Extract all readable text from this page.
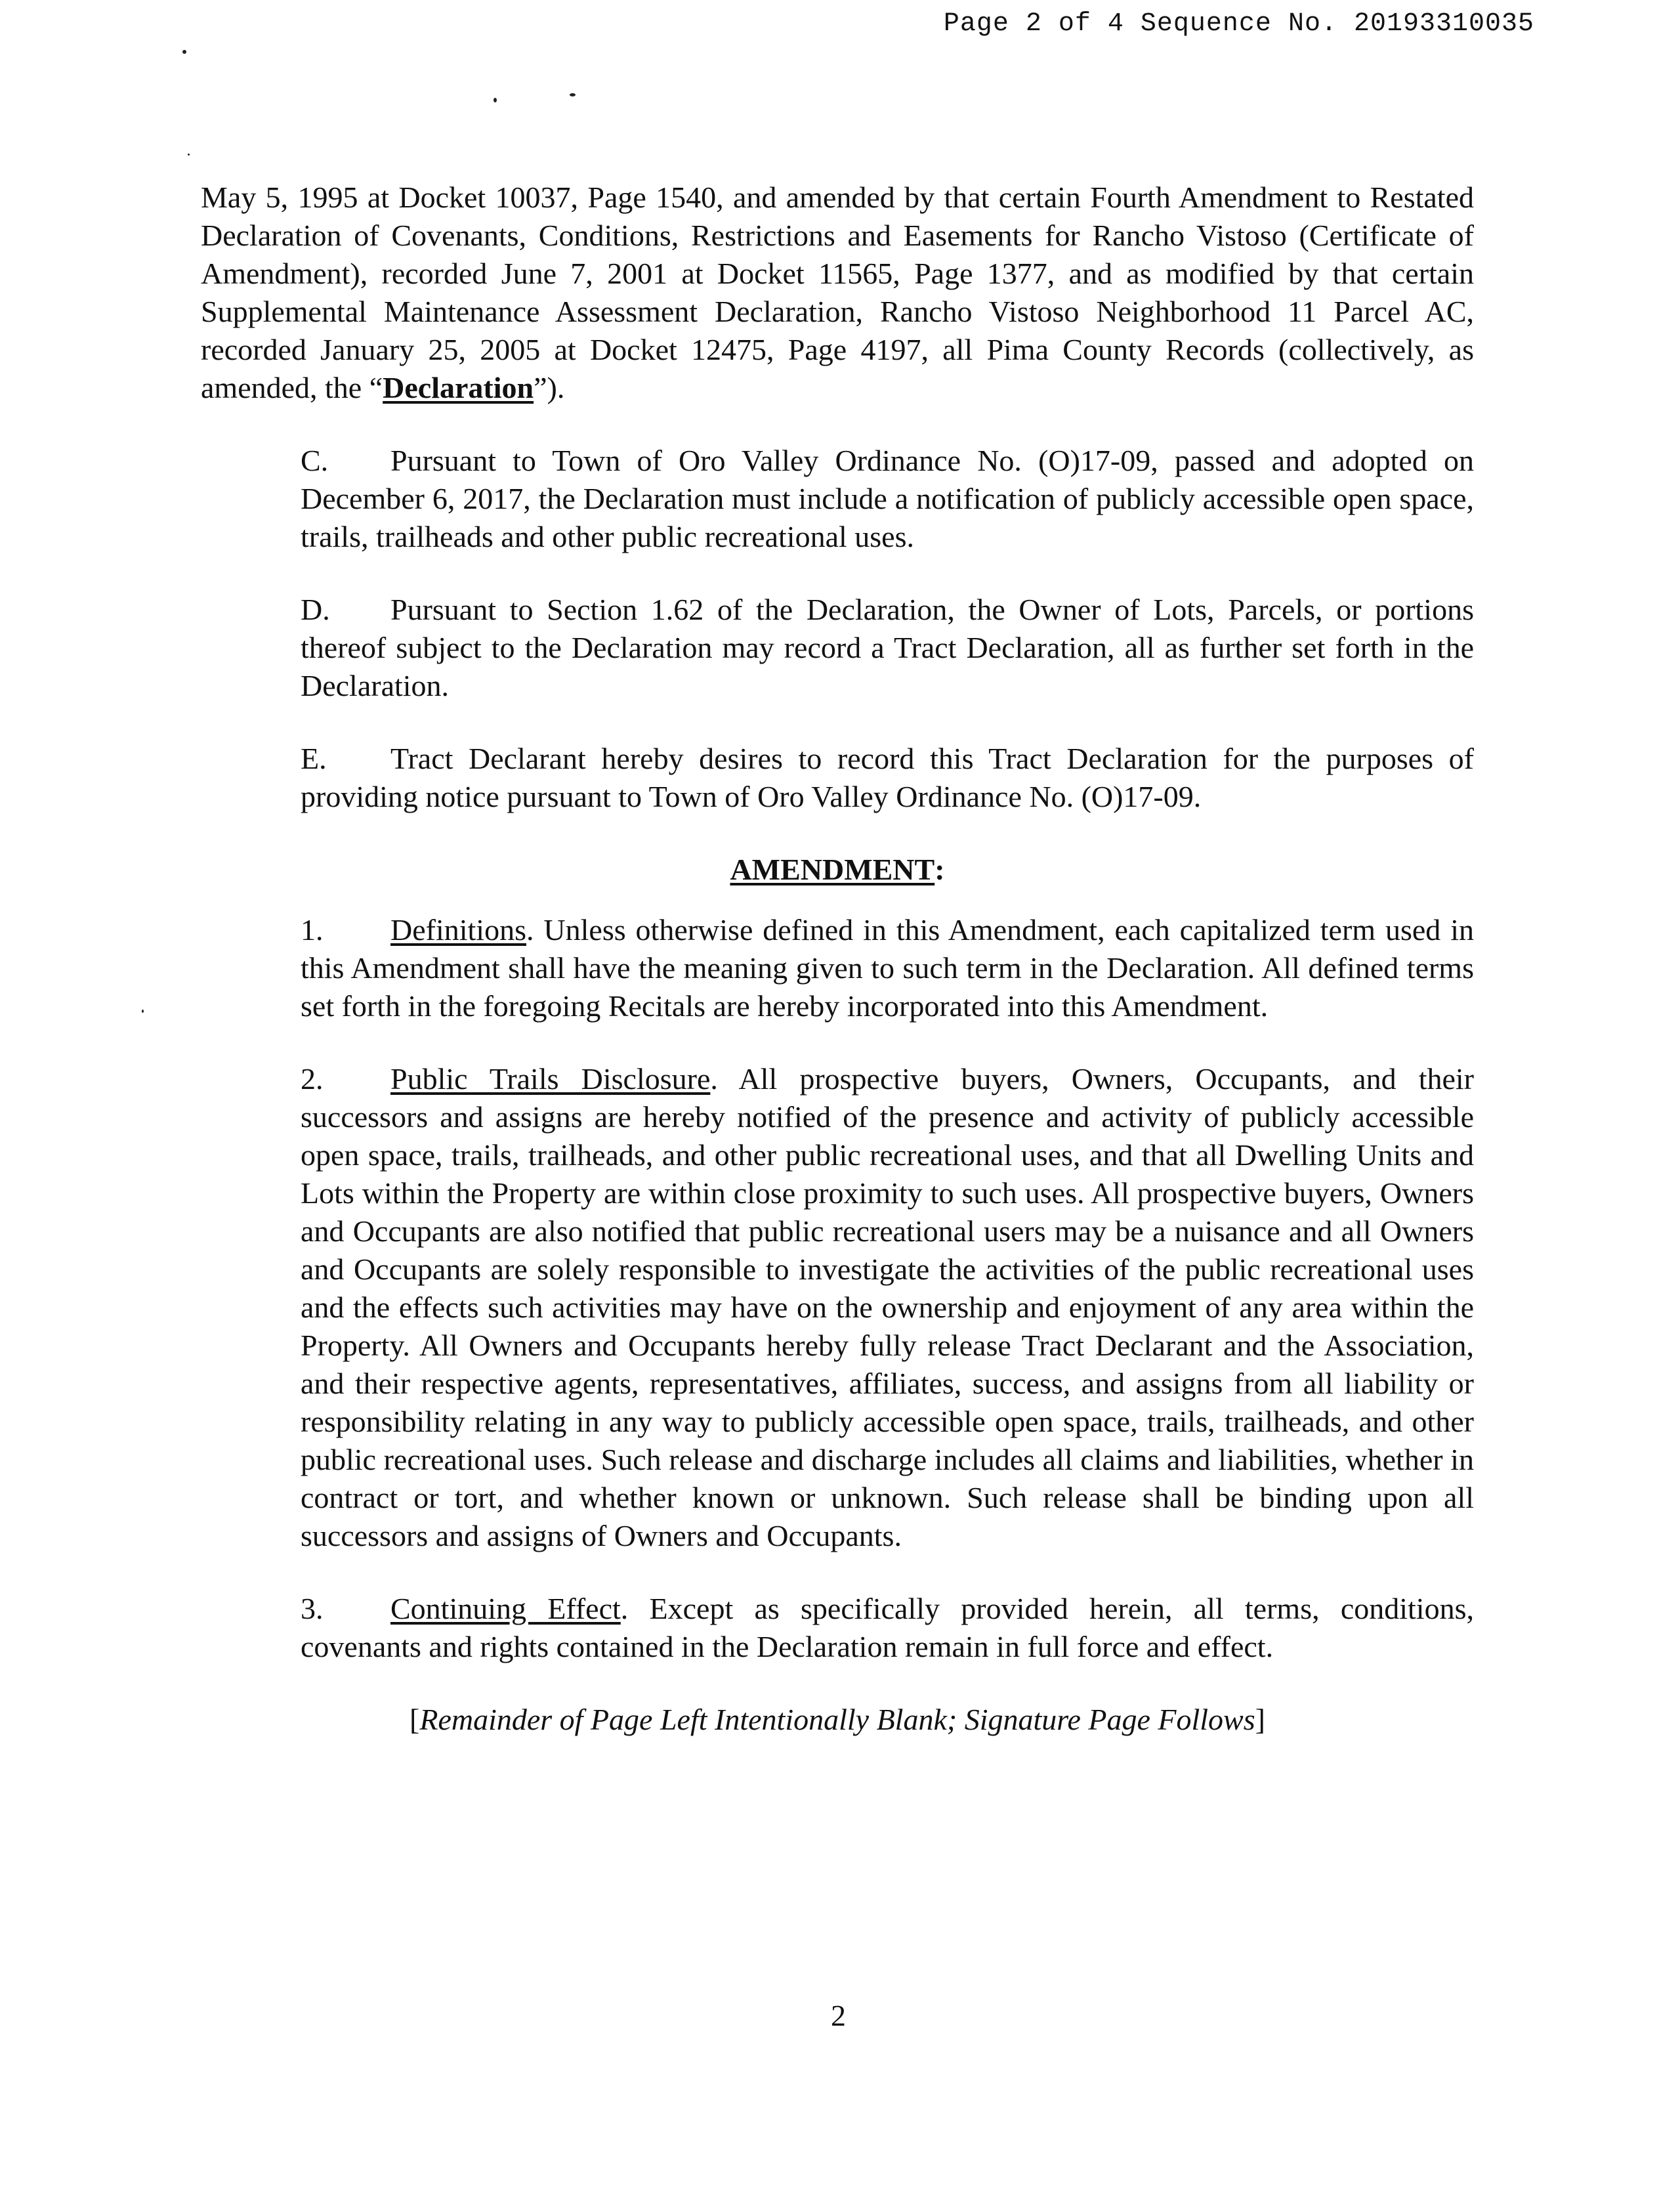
Page 2 of 4 Sequence No. 20193310035

May 5, 1995 at Docket 10037, Page 1540, and amended by that certain Fourth Amendment to Restated Declaration of Covenants, Conditions, Restrictions and Easements for Rancho Vistoso (Certificate of Amendment), recorded June 7, 2001 at Docket 11565, Page 1377, and as modified by that certain Supplemental Maintenance Assessment Declaration, Rancho Vistoso Neighborhood 11 Parcel AC, recorded January 25, 2005 at Docket 12475, Page 4197, all Pima County Records (collectively, as amended, the “Declaration”).

C. Pursuant to Town of Oro Valley Ordinance No. (O)17-09, passed and adopted on December 6, 2017, the Declaration must include a notification of publicly accessible open space, trails, trailheads and other public recreational uses.

D. Pursuant to Section 1.62 of the Declaration, the Owner of Lots, Parcels, or portions thereof subject to the Declaration may record a Tract Declaration, all as further set forth in the Declaration.

E. Tract Declarant hereby desires to record this Tract Declaration for the purposes of providing notice pursuant to Town of Oro Valley Ordinance No. (O)17-09.

AMENDMENT:

1. Definitions. Unless otherwise defined in this Amendment, each capitalized term used in this Amendment shall have the meaning given to such term in the Declaration. All defined terms set forth in the foregoing Recitals are hereby incorporated into this Amendment.

2. Public Trails Disclosure. All prospective buyers, Owners, Occupants, and their successors and assigns are hereby notified of the presence and activity of publicly accessible open space, trails, trailheads, and other public recreational uses, and that all Dwelling Units and Lots within the Property are within close proximity to such uses. All prospective buyers, Owners and Occupants are also notified that public recreational users may be a nuisance and all Owners and Occupants are solely responsible to investigate the activities of the public recreational uses and the effects such activities may have on the ownership and enjoyment of any area within the Property. All Owners and Occupants hereby fully release Tract Declarant and the Association, and their respective agents, representatives, affiliates, success, and assigns from all liability or responsibility relating in any way to publicly accessible open space, trails, trailheads, and other public recreational uses. Such release and discharge includes all claims and liabilities, whether in contract or tort, and whether known or unknown. Such release shall be binding upon all successors and assigns of Owners and Occupants.

3. Continuing Effect. Except as specifically provided herein, all terms, conditions, covenants and rights contained in the Declaration remain in full force and effect.

[Remainder of Page Left Intentionally Blank; Signature Page Follows]

2
